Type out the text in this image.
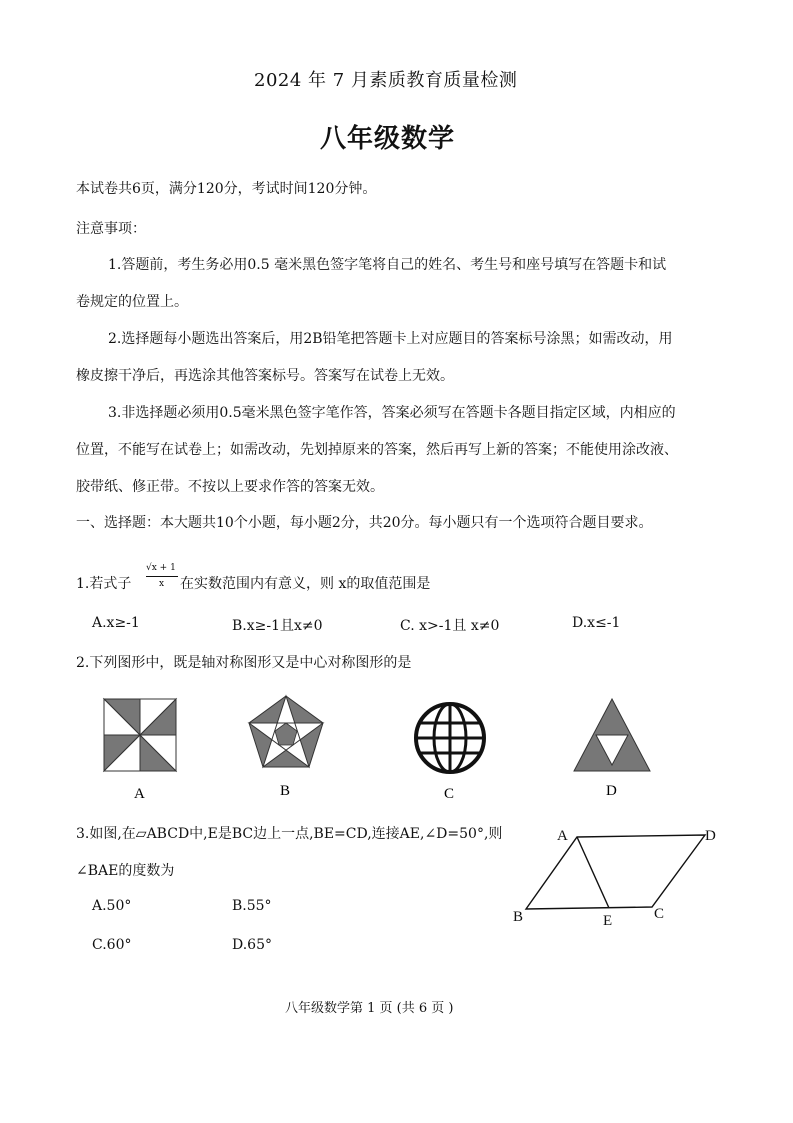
2024 年 7 月素质教育质量检测
八年级数学
本试卷共6页，满分120分，考试时间120分钟。
注意事项：
1.答题前，考生务必用0.5 毫米黑色签字笔将自己的姓名、考生号和座号填写在答题卡和试
卷规定的位置上。
2.选择题每小题选出答案后，用2B铅笔把答题卡上对应题目的答案标号涂黑；如需改动，用
橡皮擦干净后，再选涂其他答案标号。答案写在试卷上无效。
3.非选择题必须用0.5毫米黑色签字笔作答，答案必须写在答题卡各题目指定区域，内相应的
位置，不能写在试卷上；如需改动，先划掉原来的答案，然后再写上新的答案；不能使用涂改液、
胶带纸、修正带。不按以上要求作答的答案无效。
一、选择题：本大题共10个小题，每小题2分，共20分。每小题只有一个选项符合题目要求。
1.若式子
√x + 1
x 在实数范围内有意义，则 x的取值范围是
A.x≥-1	B.x≥-1且x≠0	C. x>-1且 x≠0	D.x≤-1
2.下列图形中，既是轴对称图形又是中心对称图形的是
A	B	C	D
3.如图,在▱ABCD中,E是BC边上一点,BE=CD,连接AE,∠D=50°,则
∠BAE的度数为
A.50°	B.55°
C.60°	D.65°
A
B	C
D
E
八年级数学第 1 页 (共 6 页 )
